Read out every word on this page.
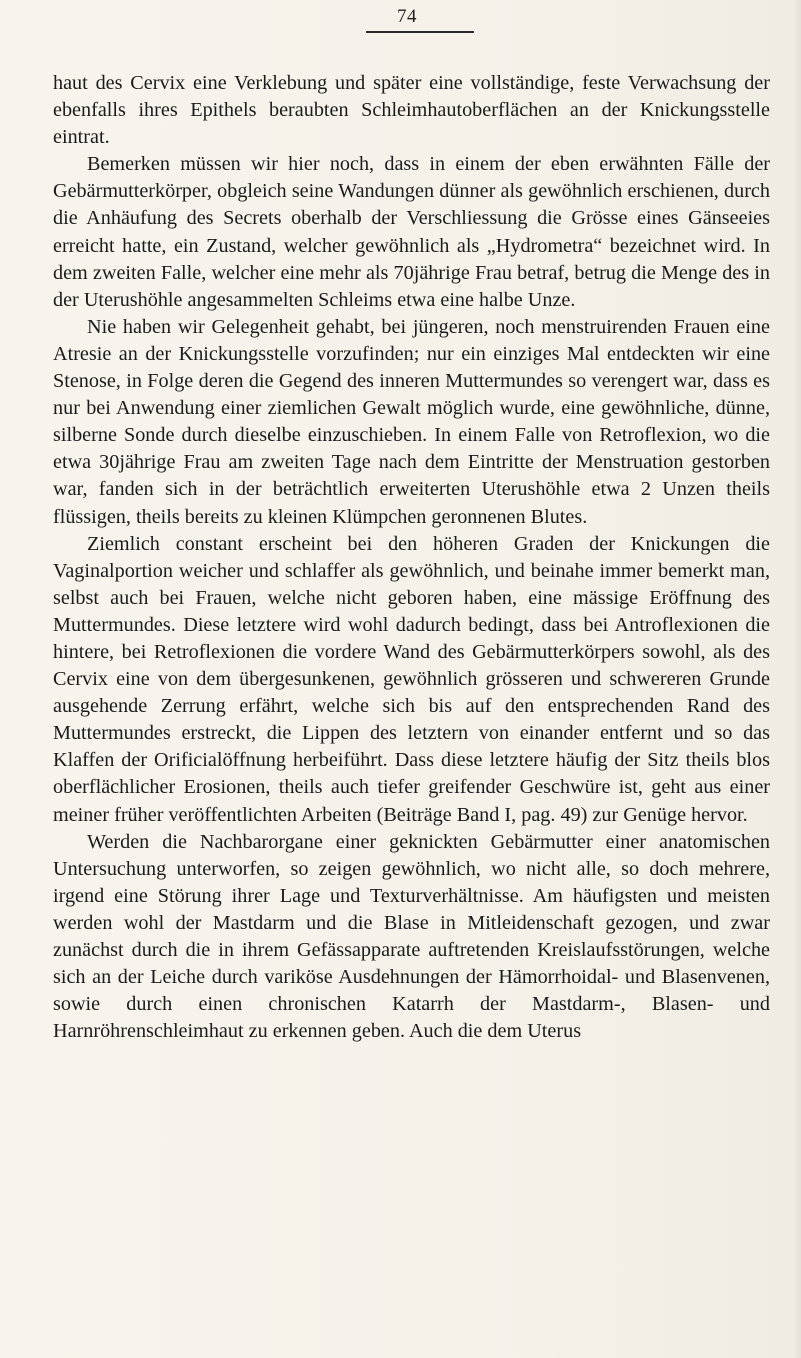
74

haut des Cervix eine Verklebung und später eine vollständige, feste Verwachsung der ebenfalls ihres Epithels beraubten Schleimhautoberflächen an der Knickungsstelle eintrat.

Bemerken müssen wir hier noch, dass in einem der eben erwähnten Fälle der Gebärmutterkörper, obgleich seine Wandungen dünner als gewöhnlich erschienen, durch die Anhäufung des Secrets oberhalb der Verschliessung die Grösse eines Gänseeies erreicht hatte, ein Zustand, welcher gewöhnlich als „Hydrometra“ bezeichnet wird. In dem zweiten Falle, welcher eine mehr als 70jährige Frau betraf, betrug die Menge des in der Uterushöhle angesammelten Schleims etwa eine halbe Unze.

Nie haben wir Gelegenheit gehabt, bei jüngeren, noch menstruirenden Frauen eine Atresie an der Knickungsstelle vorzufinden; nur ein einziges Mal entdeckten wir eine Stenose, in Folge deren die Gegend des inneren Muttermundes so verengert war, dass es nur bei Anwendung einer ziemlichen Gewalt möglich wurde, eine gewöhnliche, dünne, silberne Sonde durch dieselbe einzuschieben. In einem Falle von Retroflexion, wo die etwa 30jährige Frau am zweiten Tage nach dem Eintritte der Menstruation gestorben war, fanden sich in der beträchtlich erweiterten Uterushöhle etwa 2 Unzen theils flüssigen, theils bereits zu kleinen Klümpchen geronnenen Blutes.

Ziemlich constant erscheint bei den höheren Graden der Knickungen die Vaginalportion weicher und schlaffer als gewöhnlich, und beinahe immer bemerkt man, selbst auch bei Frauen, welche nicht geboren haben, eine mässige Eröffnung des Muttermundes. Diese letztere wird wohl dadurch bedingt, dass bei Antroflexionen die hintere, bei Retroflexionen die vordere Wand des Gebärmutterkörpers sowohl, als des Cervix eine von dem übergesunkenen, gewöhnlich grösseren und schwereren Grunde ausgehende Zerrung erfährt, welche sich bis auf den entsprechenden Rand des Muttermundes erstreckt, die Lippen des letztern von einander entfernt und so das Klaffen der Orificialöffnung herbeiführt. Dass diese letztere häufig der Sitz theils blos oberflächlicher Erosionen, theils auch tiefer greifender Geschwüre ist, geht aus einer meiner früher veröffentlichten Arbeiten (Beiträge Band I, pag. 49) zur Genüge hervor.

Werden die Nachbarorgane einer geknickten Gebärmutter einer anatomischen Untersuchung unterworfen, so zeigen gewöhnlich, wo nicht alle, so doch mehrere, irgend eine Störung ihrer Lage und Texturverhältnisse. Am häufigsten und meisten werden wohl der Mastdarm und die Blase in Mitleidenschaft gezogen, und zwar zunächst durch die in ihrem Gefässapparate auftretenden Kreislaufsstörungen, welche sich an der Leiche durch variköse Ausdehnungen der Hämorrhoidal- und Blasenvenen, sowie durch einen chronischen Katarrh der Mastdarm-, Blasen- und Harnröhrenschleimhaut zu erkennen geben. Auch die dem Uterus
